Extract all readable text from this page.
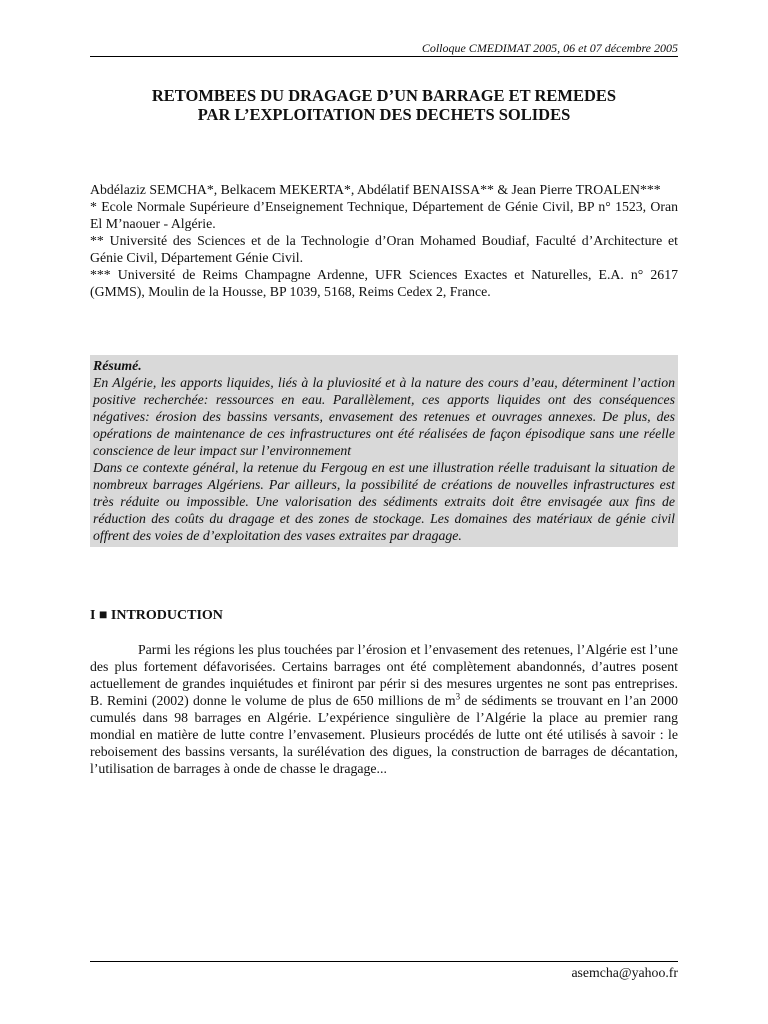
Colloque CMEDIMAT 2005, 06 et 07 décembre 2005
RETOMBEES DU DRAGAGE D’UN BARRAGE ET REMEDES
PAR L’EXPLOITATION DES DECHETS SOLIDES

Abdélaziz SEMCHA*, Belkacem MEKERTA*, Abdélatif BENAISSA** & Jean Pierre TROALEN***

* Ecole Normale Supérieure d’Enseignement Technique, Département de Génie Civil, BP n° 1523, Oran El M’naouer - Algérie.

** Université des Sciences et de la Technologie d’Oran Mohamed Boudiaf, Faculté d’Architecture et Génie Civil, Département Génie Civil.

*** Université de Reims Champagne Ardenne, UFR Sciences Exactes et Naturelles, E.A. n° 2617 (GMMS), Moulin de la Housse, BP 1039, 5168, Reims Cedex 2, France.

Résumé.

En Algérie, les apports liquides, liés à la pluviosité et à la nature des cours d’eau, déterminent l’action positive recherchée: ressources en eau. Parallèlement, ces apports liquides ont des conséquences négatives: érosion des bassins versants, envasement des retenues et ouvrages annexes. De plus, des opérations de maintenance de ces infrastructures ont été réalisées de façon épisodique sans une réelle conscience de leur impact sur l’environnement

Dans ce contexte général, la retenue du Fergoug en est une illustration réelle traduisant la situation de nombreux barrages Algériens. Par ailleurs, la possibilité de créations de nouvelles infrastructures est très réduite ou impossible. Une valorisation des sédiments extraits doit être envisagée aux fins de réduction des coûts du dragage et des zones de stockage. Les domaines des matériaux de génie civil offrent des voies de d’exploitation des vases extraites par dragage.

I ■ INTRODUCTION

Parmi les régions les plus touchées par l’érosion et l’envasement des retenues, l’Algérie est l’une des plus fortement défavorisées. Certains barrages ont été complètement abandonnés, d’autres posent actuellement de grandes inquiétudes et finiront par périr si des mesures urgentes ne sont pas entreprises. B. Remini (2002) donne le volume de plus de 650 millions de $m^3$ de sédiments se trouvant en l’an 2000 cumulés dans 98 barrages en Algérie. L’expérience singulière de l’Algérie la place au premier rang mondial en matière de lutte contre l’envasement. Plusieurs procédés de lutte ont été utilisés à savoir : le reboisement des bassins versants, la surélévation des digues, la construction de barrages de décantation, l’utilisation de barrages à onde de chasse le dragage...

asemcha@yahoo.fr
